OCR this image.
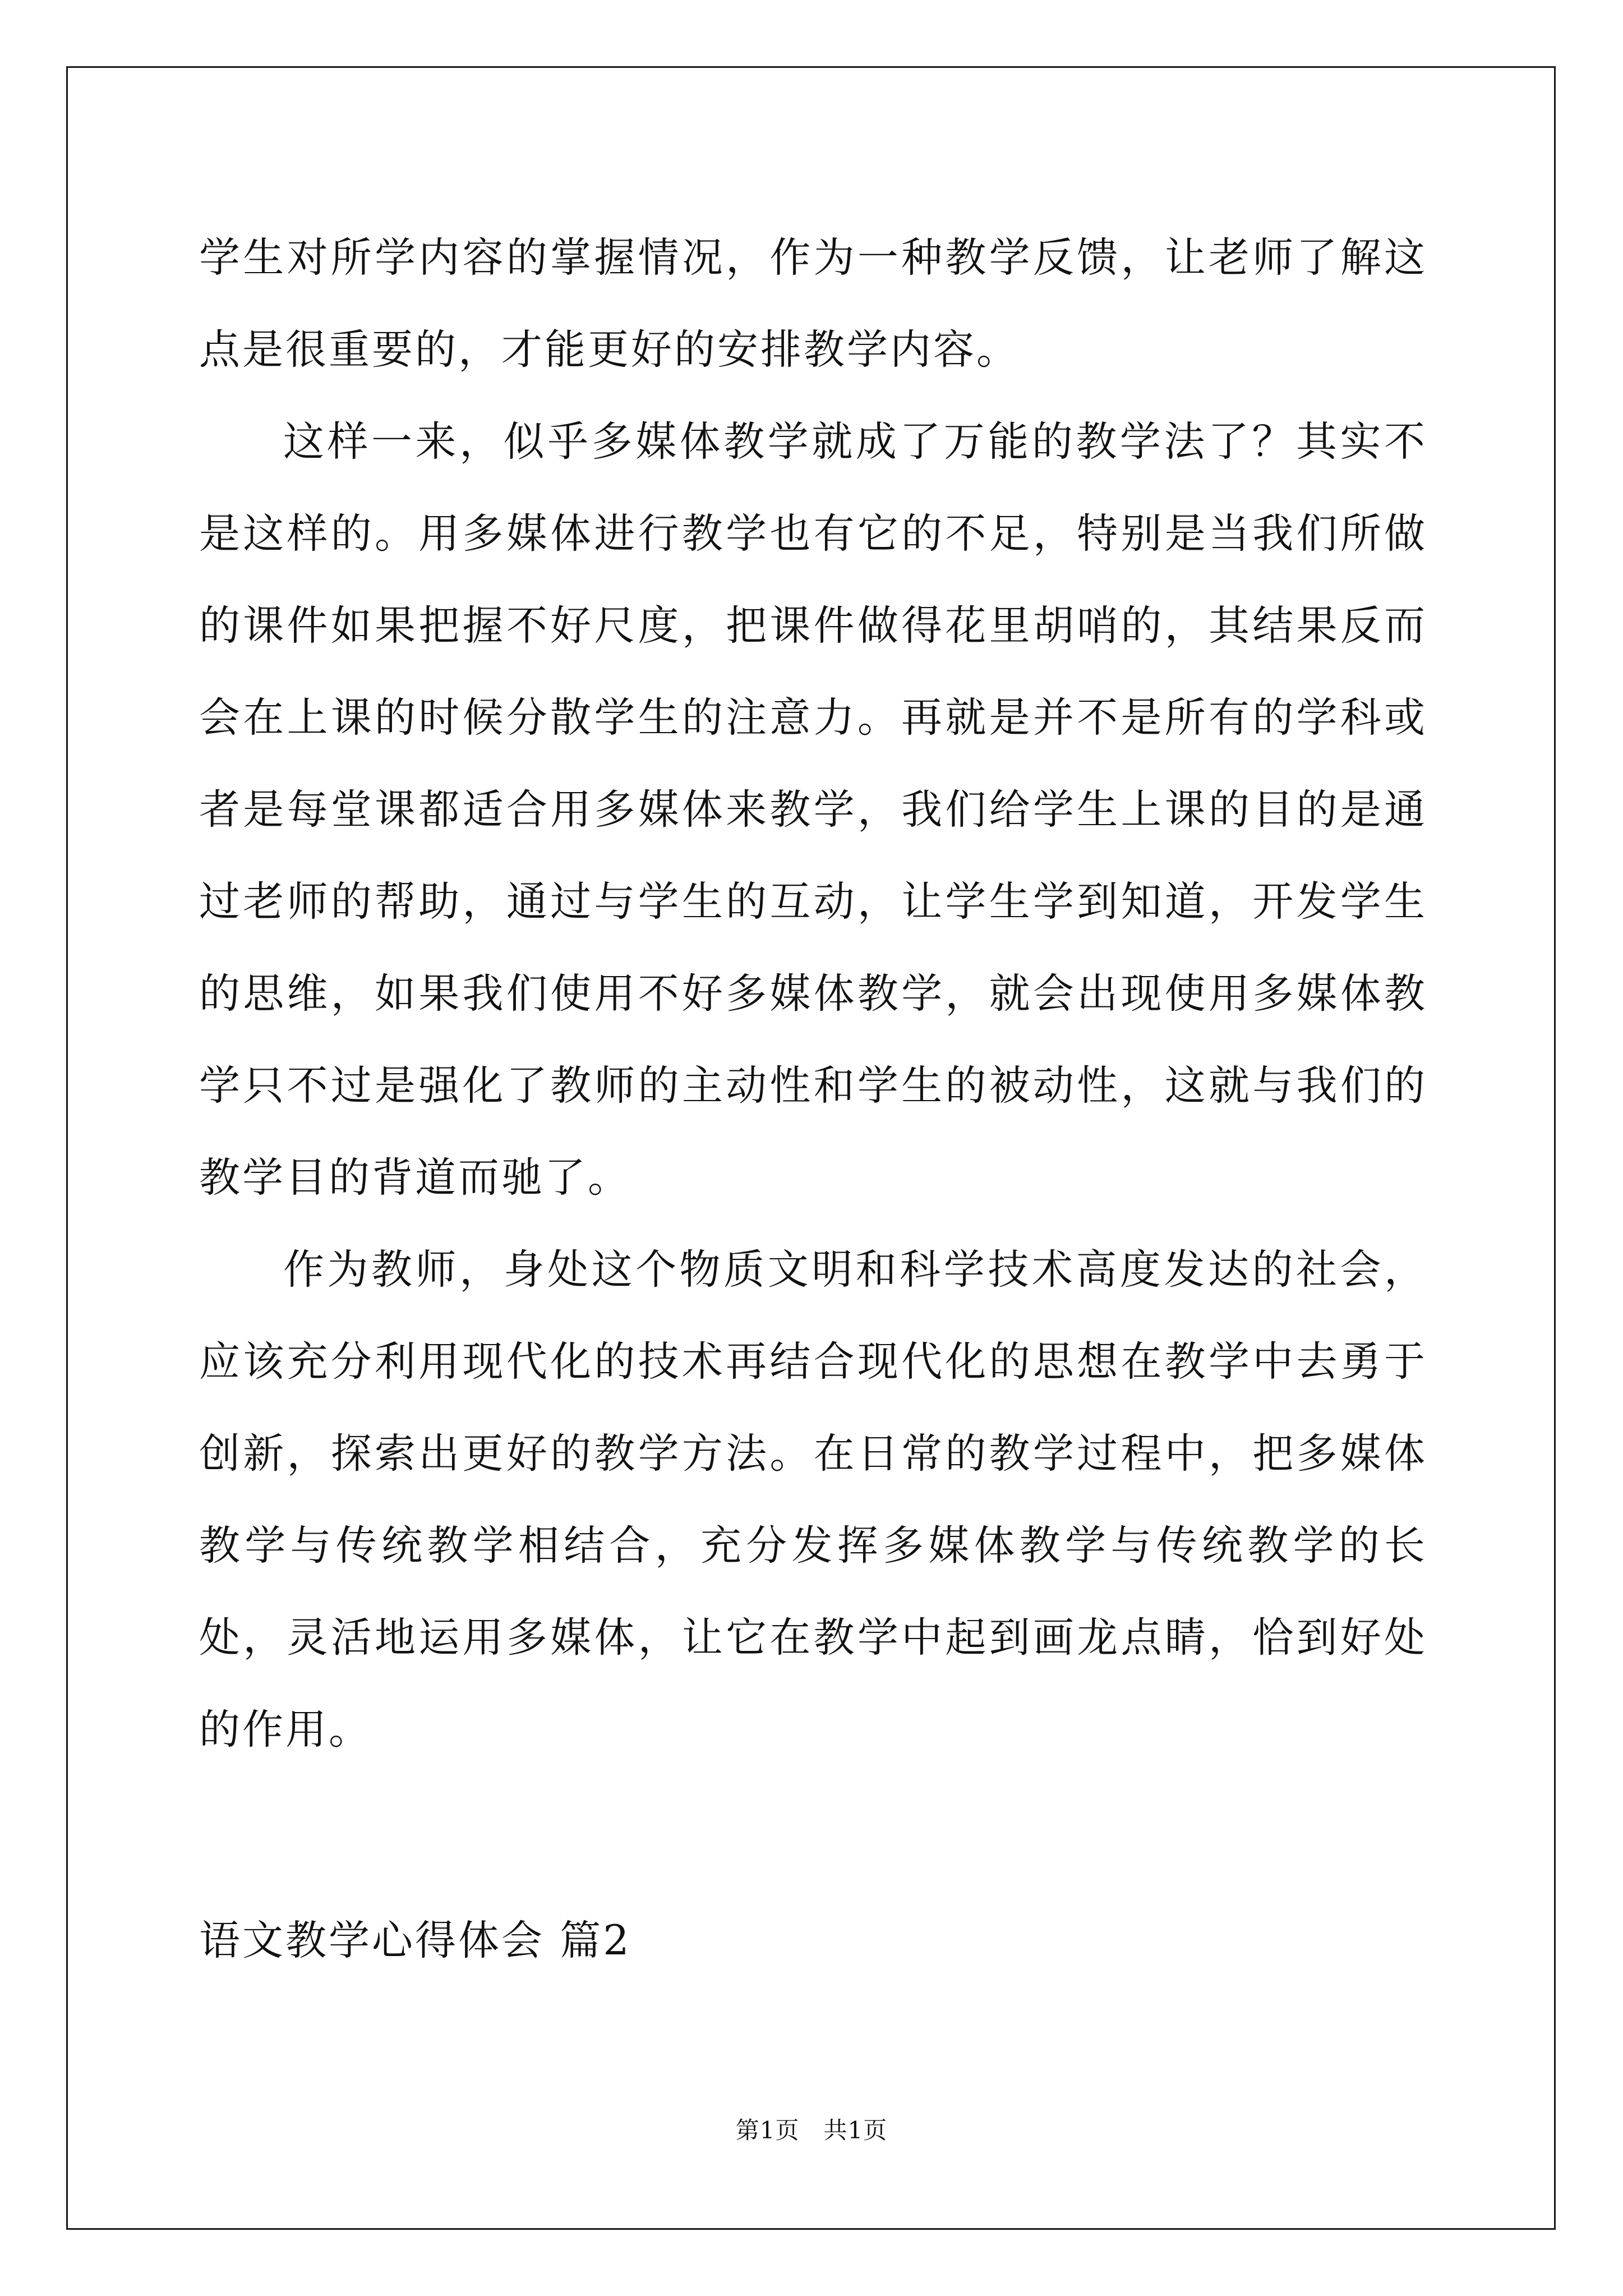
学生对所学内容的掌握情况，作为一种教学反馈，让老师了解这点是很重要的，才能更好的安排教学内容。

这样一来，似乎多媒体教学就成了万能的教学法了？其实不是这样的。用多媒体进行教学也有它的不足，特别是当我们所做的课件如果把握不好尺度，把课件做得花里胡哨的，其结果反而会在上课的时候分散学生的注意力。再就是并不是所有的学科或者是每堂课都适合用多媒体来教学，我们给学生上课的目的是通过老师的帮助，通过与学生的互动，让学生学到知道，开发学生的思维，如果我们使用不好多媒体教学，就会出现使用多媒体教学只不过是强化了教师的主动性和学生的被动性，这就与我们的教学目的背道而驰了。

作为教师，身处这个物质文明和科学技术高度发达的社会，应该充分利用现代化的技术再结合现代化的思想在教学中去勇于创新，探索出更好的教学方法。在日常的教学过程中，把多媒体教学与传统教学相结合，充分发挥多媒体教学与传统教学的长处，灵活地运用多媒体，让它在教学中起到画龙点睛，恰到好处的作用。

语文教学心得体会 篇2
第1页　共1页
